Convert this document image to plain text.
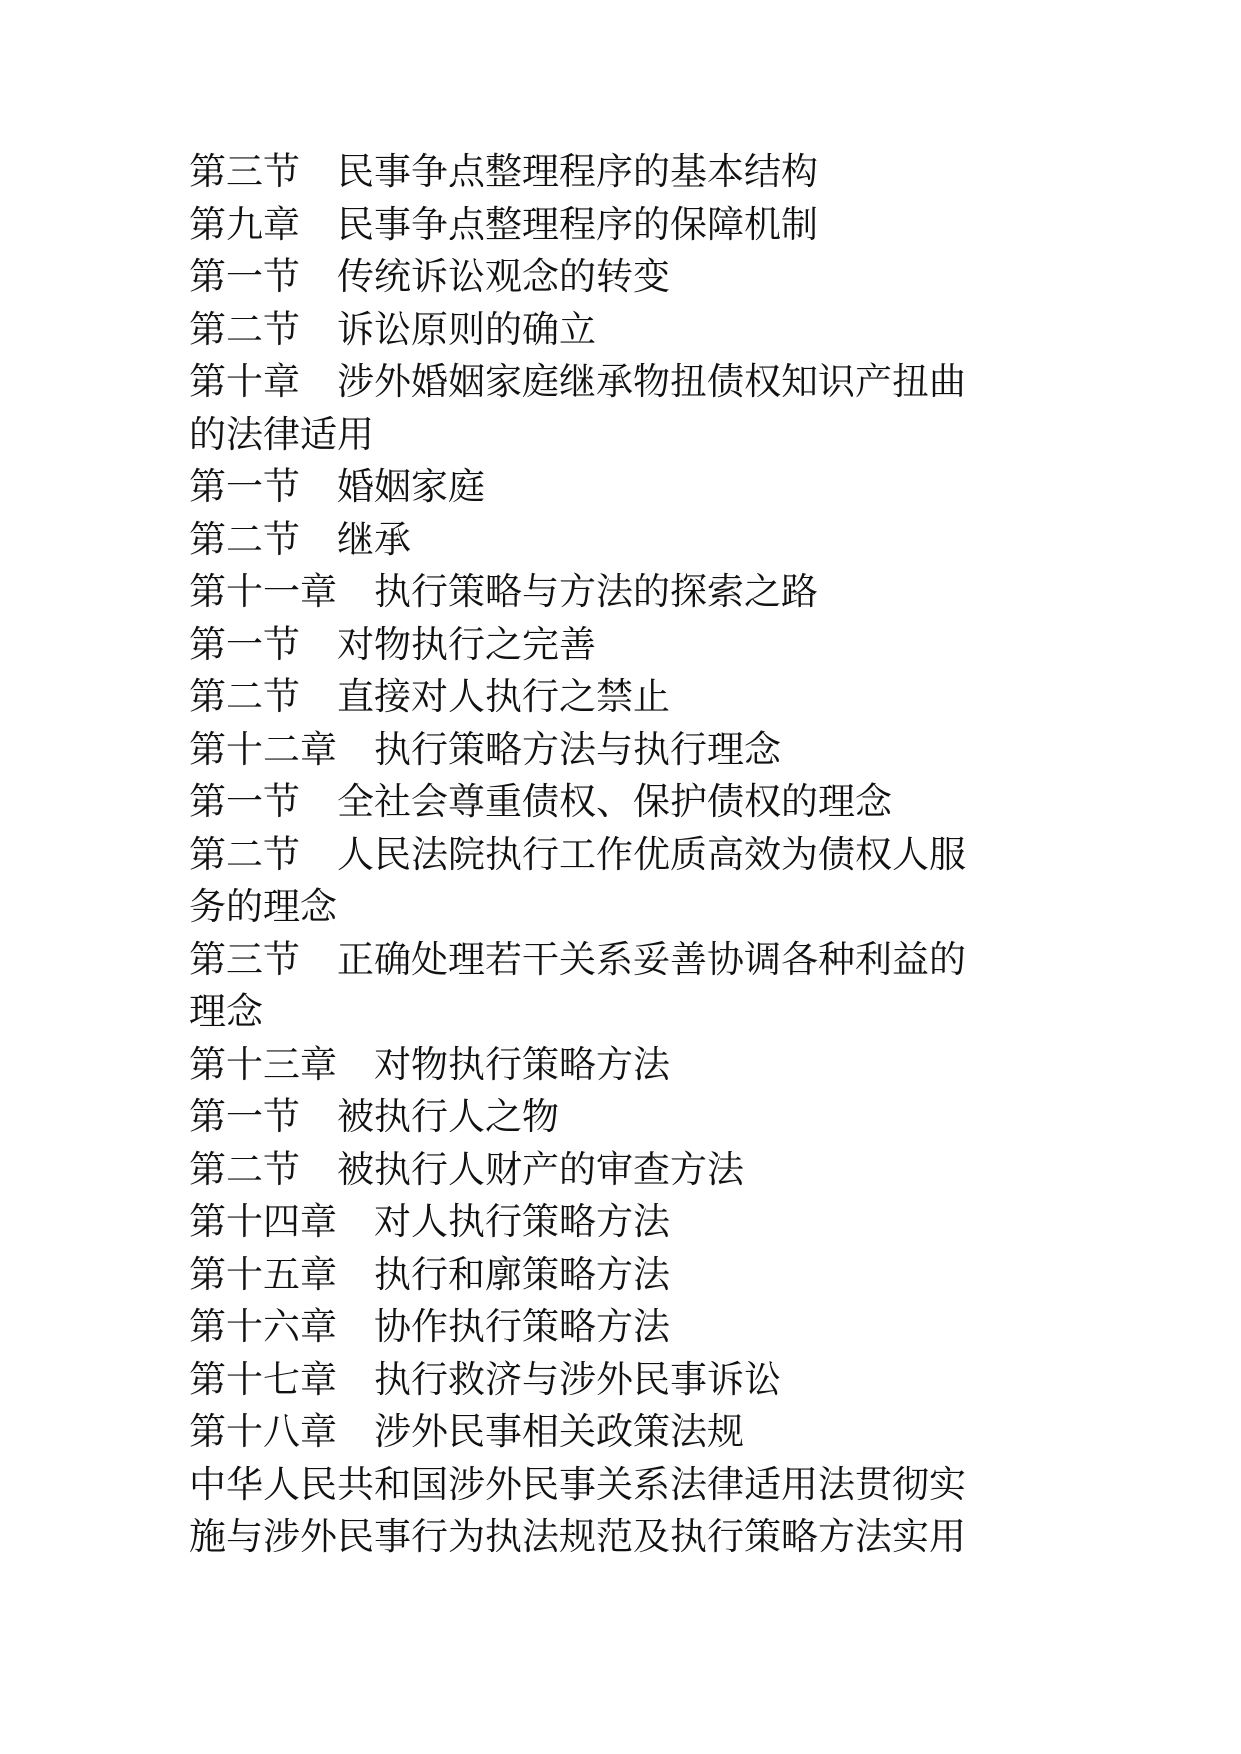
第三节 民事争点整理程序的基本结构
第九章 民事争点整理程序的保障机制
第一节 传统诉讼观念的转变
第二节 诉讼原则的确立
第十章 涉外婚姻家庭继承物扭债权知识产扭曲
的法律适用
第一节 婚姻家庭
第二节 继承
第十一章 执行策略与方法的探索之路
第一节 对物执行之完善
第二节 直接对人执行之禁止
第十二章 执行策略方法与执行理念
第一节 全社会尊重债权、保护债权的理念
第二节 人民法院执行工作优质高效为债权人服
务的理念
第三节 正确处理若干关系妥善协调各种利益的
理念
第十三章 对物执行策略方法
第一节 被执行人之物
第二节 被执行人财产的审查方法
第十四章 对人执行策略方法
第十五章 执行和廓策略方法
第十六章 协作执行策略方法
第十七章 执行救济与涉外民事诉讼
第十八章 涉外民事相关政策法规
中华人民共和国涉外民事关系法律适用法贯彻实
施与涉外民事行为执法规范及执行策略方法实用
